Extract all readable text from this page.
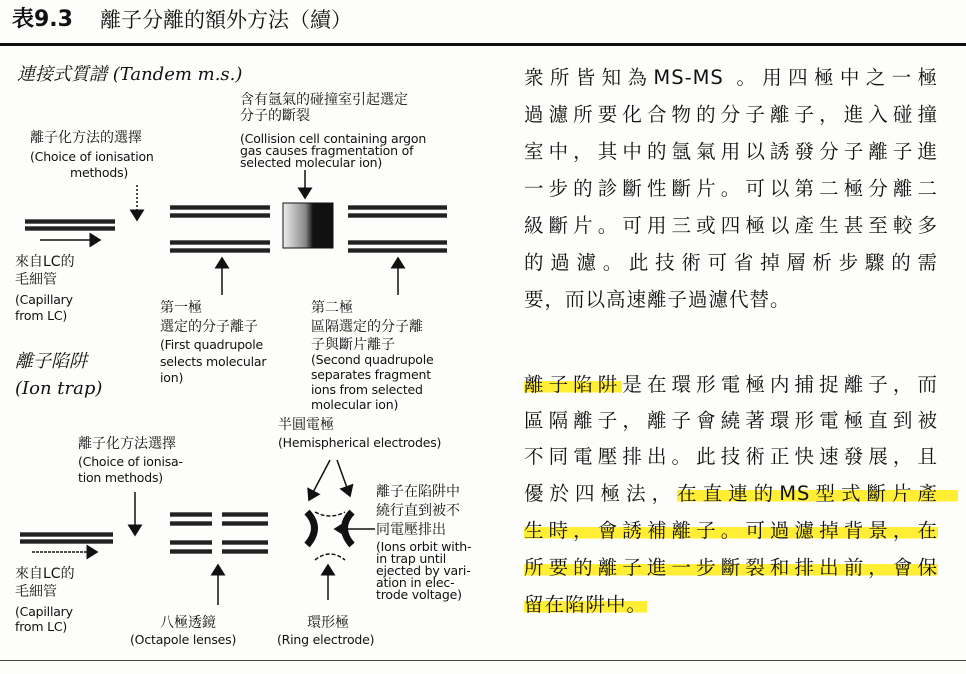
表9.3 離子分離的額外方法（續）
連接式質譜 (Tandem m.s.)
含有氬氣的碰撞室引起選定
分子的斷裂
(Collision cell containing argon
gas causes fragmentation of
selected molecular ion)
離子化方法的選擇
(Choice of ionisation
methods)
來自LC的
毛細管
(Capillary
from LC)	第一極
選定的分子離子
(First quadrupole
selects molecular
ion)
第二極
區隔選定的分子離
子與斷片離子
(Second quadrupole
separates fragment
ions from selected
molecular ion)
離子陷阱
(Ion trap)
半圓電極
(Hemispherical electrodes)
離子化方法選擇
(Choice of ionisa-
tion methods)
來自LC的
毛細管
(Capillary
from LC)
離子在陷阱中
繞行直到被不
同電壓排出
(Ions orbit with-
in trap until
ejected by vari-
ation in elec-
trode voltage)
八極透鏡
(Octapole lenses)
環形極
(Ring electrode)
衆所皆知為MS-MS 。用四極中之一極
過濾所要化合物的分子離子，進入碰撞
室中，其中的氬氣用以誘發分子離子進
一步的診斷性斷片。可以第二極分離二
級斷片。可用三或四極以產生甚至較多
的過濾。此技術可省掉層析步驟的需
要，而以高速離子過濾代替。
離子陷阱是在環形電極内捕捉離子，而
區隔離子，離子會繞著環形電極直到被
不同電壓排出。此技術正快速發展，且
優於四極法，在直連的MS型式斷片產
生時，會誘補離子。可過濾掉背景，在
所要的離子進一步斷裂和排出前，會保
留在陷阱中。
